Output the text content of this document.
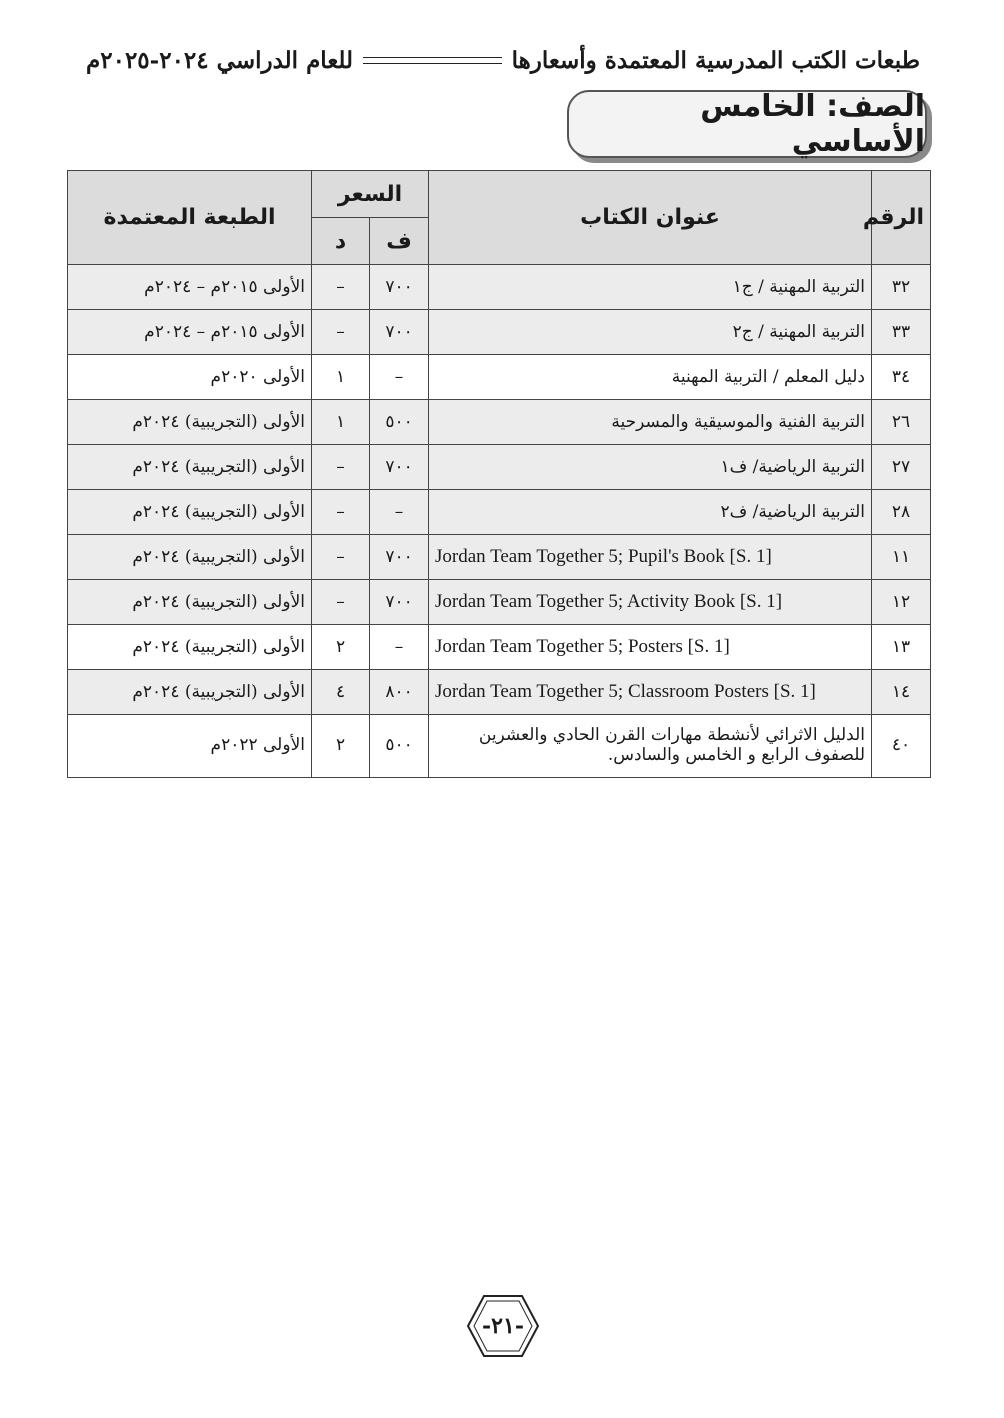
طبعات الكتب المدرسية المعتمدة وأسعارها
للعام الدراسي ٢٠٢٤-٢٠٢٥م
الصف: الخامس الأساسي
الرقم	عنوان الكتاب	السعر		الطبعة المعتمدة
		ف	د	
٣٢	التربية المهنية / ج١	٧٠٠	–	الأولى ٢٠١٥م – ٢٠٢٤م
٣٣	التربية المهنية / ج٢	٧٠٠	–	الأولى ٢٠١٥م – ٢٠٢٤م
٣٤	دليل المعلم / التربية المهنية	–	١	الأولى ٢٠٢٠م
٢٦	التربية الفنية والموسيقية والمسرحية	٥٠٠	١	الأولى (التجريبية) ٢٠٢٤م
٢٧	التربية الرياضية/ ف١	٧٠٠	–	الأولى (التجريبية) ٢٠٢٤م
٢٨	التربية الرياضية/ ف٢	–	–	الأولى (التجريبية) ٢٠٢٤م
١١	Jordan Team Together 5; Pupil's Book [S. 1]	٧٠٠	–	الأولى (التجريبية) ٢٠٢٤م
١٢	Jordan Team Together 5; Activity Book [S. 1]	٧٠٠	–	الأولى (التجريبية) ٢٠٢٤م
١٣	Jordan Team Together 5; Posters [S. 1]	–	٢	الأولى (التجريبية) ٢٠٢٤م
١٤	Jordan Team Together 5; Classroom Posters [S. 1]	٨٠٠	٤	الأولى (التجريبية) ٢٠٢٤م
٤٠	الدليل الاثرائي لأنشطة مهارات القرن الحادي والعشرين للصفوف الرابع و الخامس والسادس.	٥٠٠	٢	الأولى ٢٠٢٢م
-٢١-
